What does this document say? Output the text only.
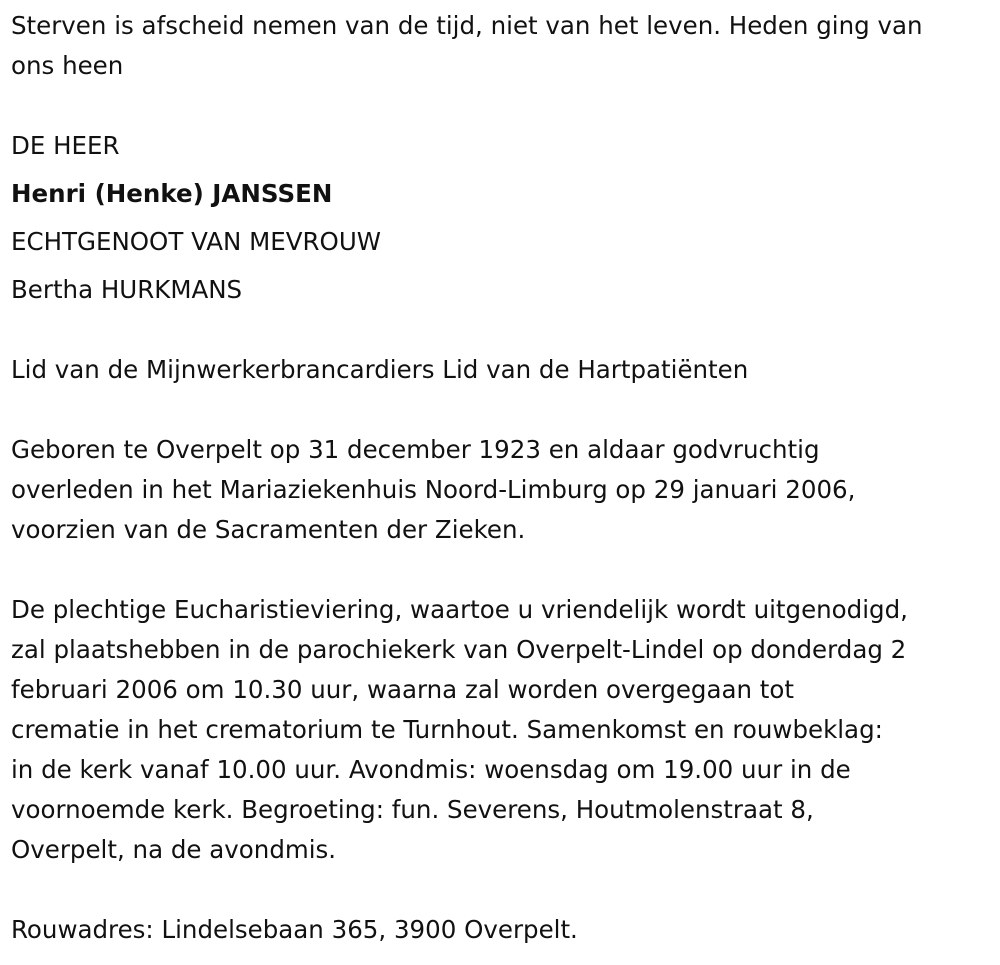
Sterven is afscheid nemen van de tijd, niet van het leven. Heden ging van

ons heen

DE HEER

Henri (Henke) JANSSEN

ECHTGENOOT VAN MEVROUW

Bertha HURKMANS

Lid van de Mijnwerkerbrancardiers Lid van de Hartpatiënten

Geboren te Overpelt op 31 december 1923 en aldaar godvruchtig

overleden in het Mariaziekenhuis Noord-Limburg op 29 januari 2006,

voorzien van de Sacramenten der Zieken.

De plechtige Eucharistieviering, waartoe u vriendelijk wordt uitgenodigd,

zal plaatshebben in de parochiekerk van Overpelt-Lindel op donderdag 2

februari 2006 om 10.30 uur, waarna zal worden overgegaan tot

crematie in het crematorium te Turnhout. Samenkomst en rouwbeklag:

in de kerk vanaf 10.00 uur. Avondmis: woensdag om 19.00 uur in de

voornoemde kerk. Begroeting: fun. Severens, Houtmolenstraat 8,

Overpelt, na de avondmis.

Rouwadres: Lindelsebaan 365, 3900 Overpelt.
